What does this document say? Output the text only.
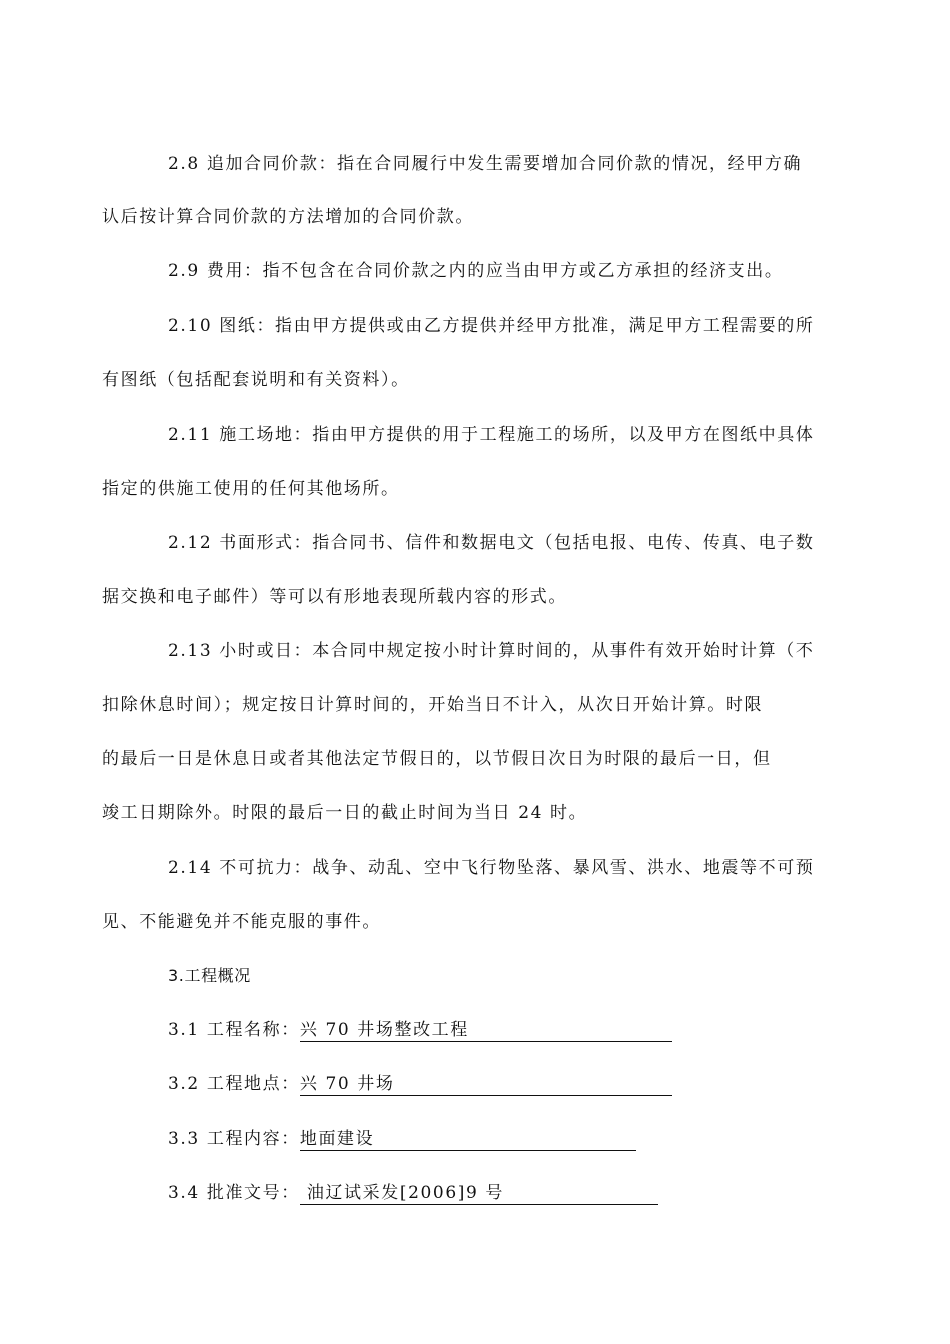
2.8 追加合同价款：指在合同履行中发生需要增加合同价款的情况，经甲方确
认后按计算合同价款的方法增加的合同价款。
2.9 费用：指不包含在合同价款之内的应当由甲方或乙方承担的经济支出。
2.10 图纸：指由甲方提供或由乙方提供并经甲方批准，满足甲方工程需要的所
有图纸（包括配套说明和有关资料）。
2.11 施工场地：指由甲方提供的用于工程施工的场所，以及甲方在图纸中具体
指定的供施工使用的任何其他场所。
2.12 书面形式：指合同书、信件和数据电文（包括电报、电传、传真、电子数
据交换和电子邮件）等可以有形地表现所载内容的形式。
2.13 小时或日：本合同中规定按小时计算时间的，从事件有效开始时计算（不
扣除休息时间）；规定按日计算时间的，开始当日不计入，从次日开始计算。时限
的最后一日是休息日或者其他法定节假日的，以节假日次日为时限的最后一日，但
竣工日期除外。时限的最后一日的截止时间为当日 24 时。
2.14 不可抗力：战争、动乱、空中飞行物坠落、暴风雪、洪水、地震等不可预
见、不能避免并不能克服的事件。
3.工程概况
3.1 工程名称：兴 70 井场整改工程
3.2 工程地点：兴 70 井场
3.3 工程内容：地面建设
3.4 批准文号： 油辽试采发[2006]9 号
